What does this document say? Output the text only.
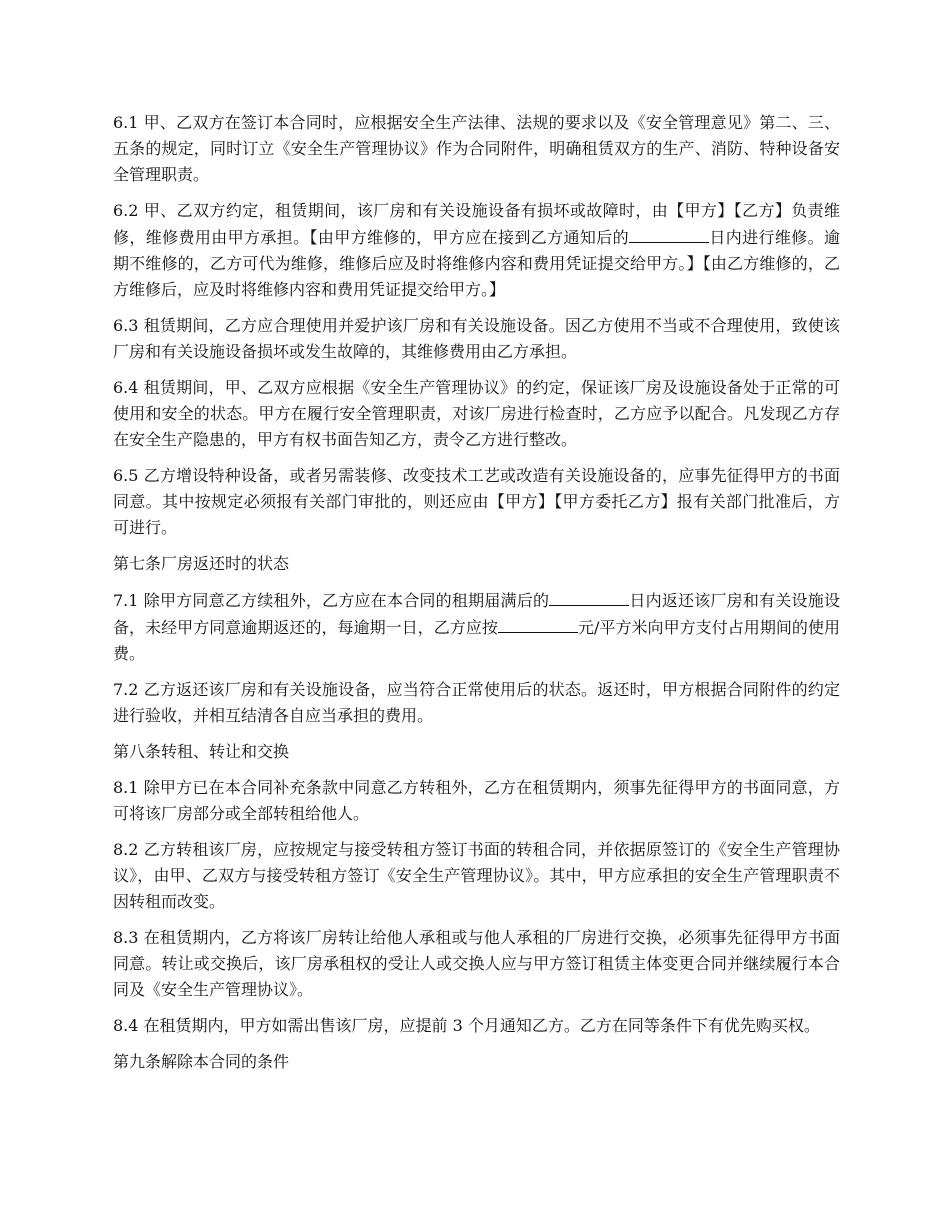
6.1 甲、乙双方在签订本合同时，应根据安全生产法律、法规的要求以及《安全管理意见》第二、三、五条的规定，同时订立《安全生产管理协议》作为合同附件，明确租赁双方的生产、消防、特种设备安全管理职责。

6.2 甲、乙双方约定，租赁期间，该厂房和有关设施设备有损坏或故障时，由【甲方】【乙方】负责维修，维修费用由甲方承担。【由甲方维修的，甲方应在接到乙方通知后的	日内进行维修。逾期不维修的，乙方可代为维修，维修后应及时将维修内容和费用凭证提交给甲方。】【由乙方维修的，乙方维修后，应及时将维修内容和费用凭证提交给甲方。】

6.3 租赁期间，乙方应合理使用并爱护该厂房和有关设施设备。因乙方使用不当或不合理使用，致使该厂房和有关设施设备损坏或发生故障的，其维修费用由乙方承担。

6.4 租赁期间，甲、乙双方应根据《安全生产管理协议》的约定，保证该厂房及设施设备处于正常的可使用和安全的状态。甲方在履行安全管理职责，对该厂房进行检查时，乙方应予以配合。凡发现乙方存在安全生产隐患的，甲方有权书面告知乙方，责令乙方进行整改。

6.5 乙方增设特种设备，或者另需装修、改变技术工艺或改造有关设施设备的，应事先征得甲方的书面同意。其中按规定必须报有关部门审批的，则还应由【甲方】【甲方委托乙方】报有关部门批准后，方可进行。

第七条厂房返还时的状态

7.1 除甲方同意乙方续租外，乙方应在本合同的租期届满后的	日内返还该厂房和有关设施设备，未经甲方同意逾期返还的，每逾期一日，乙方应按	元/平方米向甲方支付占用期间的使用费。

7.2 乙方返还该厂房和有关设施设备，应当符合正常使用后的状态。返还时，甲方根据合同附件的约定进行验收，并相互结清各自应当承担的费用。

第八条转租、转让和交换

8.1 除甲方已在本合同补充条款中同意乙方转租外，乙方在租赁期内，须事先征得甲方的书面同意，方可将该厂房部分或全部转租给他人。

8.2 乙方转租该厂房，应按规定与接受转租方签订书面的转租合同，并依据原签订的《安全生产管理协议》，由甲、乙双方与接受转租方签订《安全生产管理协议》。其中，甲方应承担的安全生产管理职责不因转租而改变。

8.3 在租赁期内，乙方将该厂房转让给他人承租或与他人承租的厂房进行交换，必须事先征得甲方书面同意。转让或交换后，该厂房承租权的受让人或交换人应与甲方签订租赁主体变更合同并继续履行本合同及《安全生产管理协议》。

8.4 在租赁期内，甲方如需出售该厂房，应提前 3 个月通知乙方。乙方在同等条件下有优先购买权。

第九条解除本合同的条件
